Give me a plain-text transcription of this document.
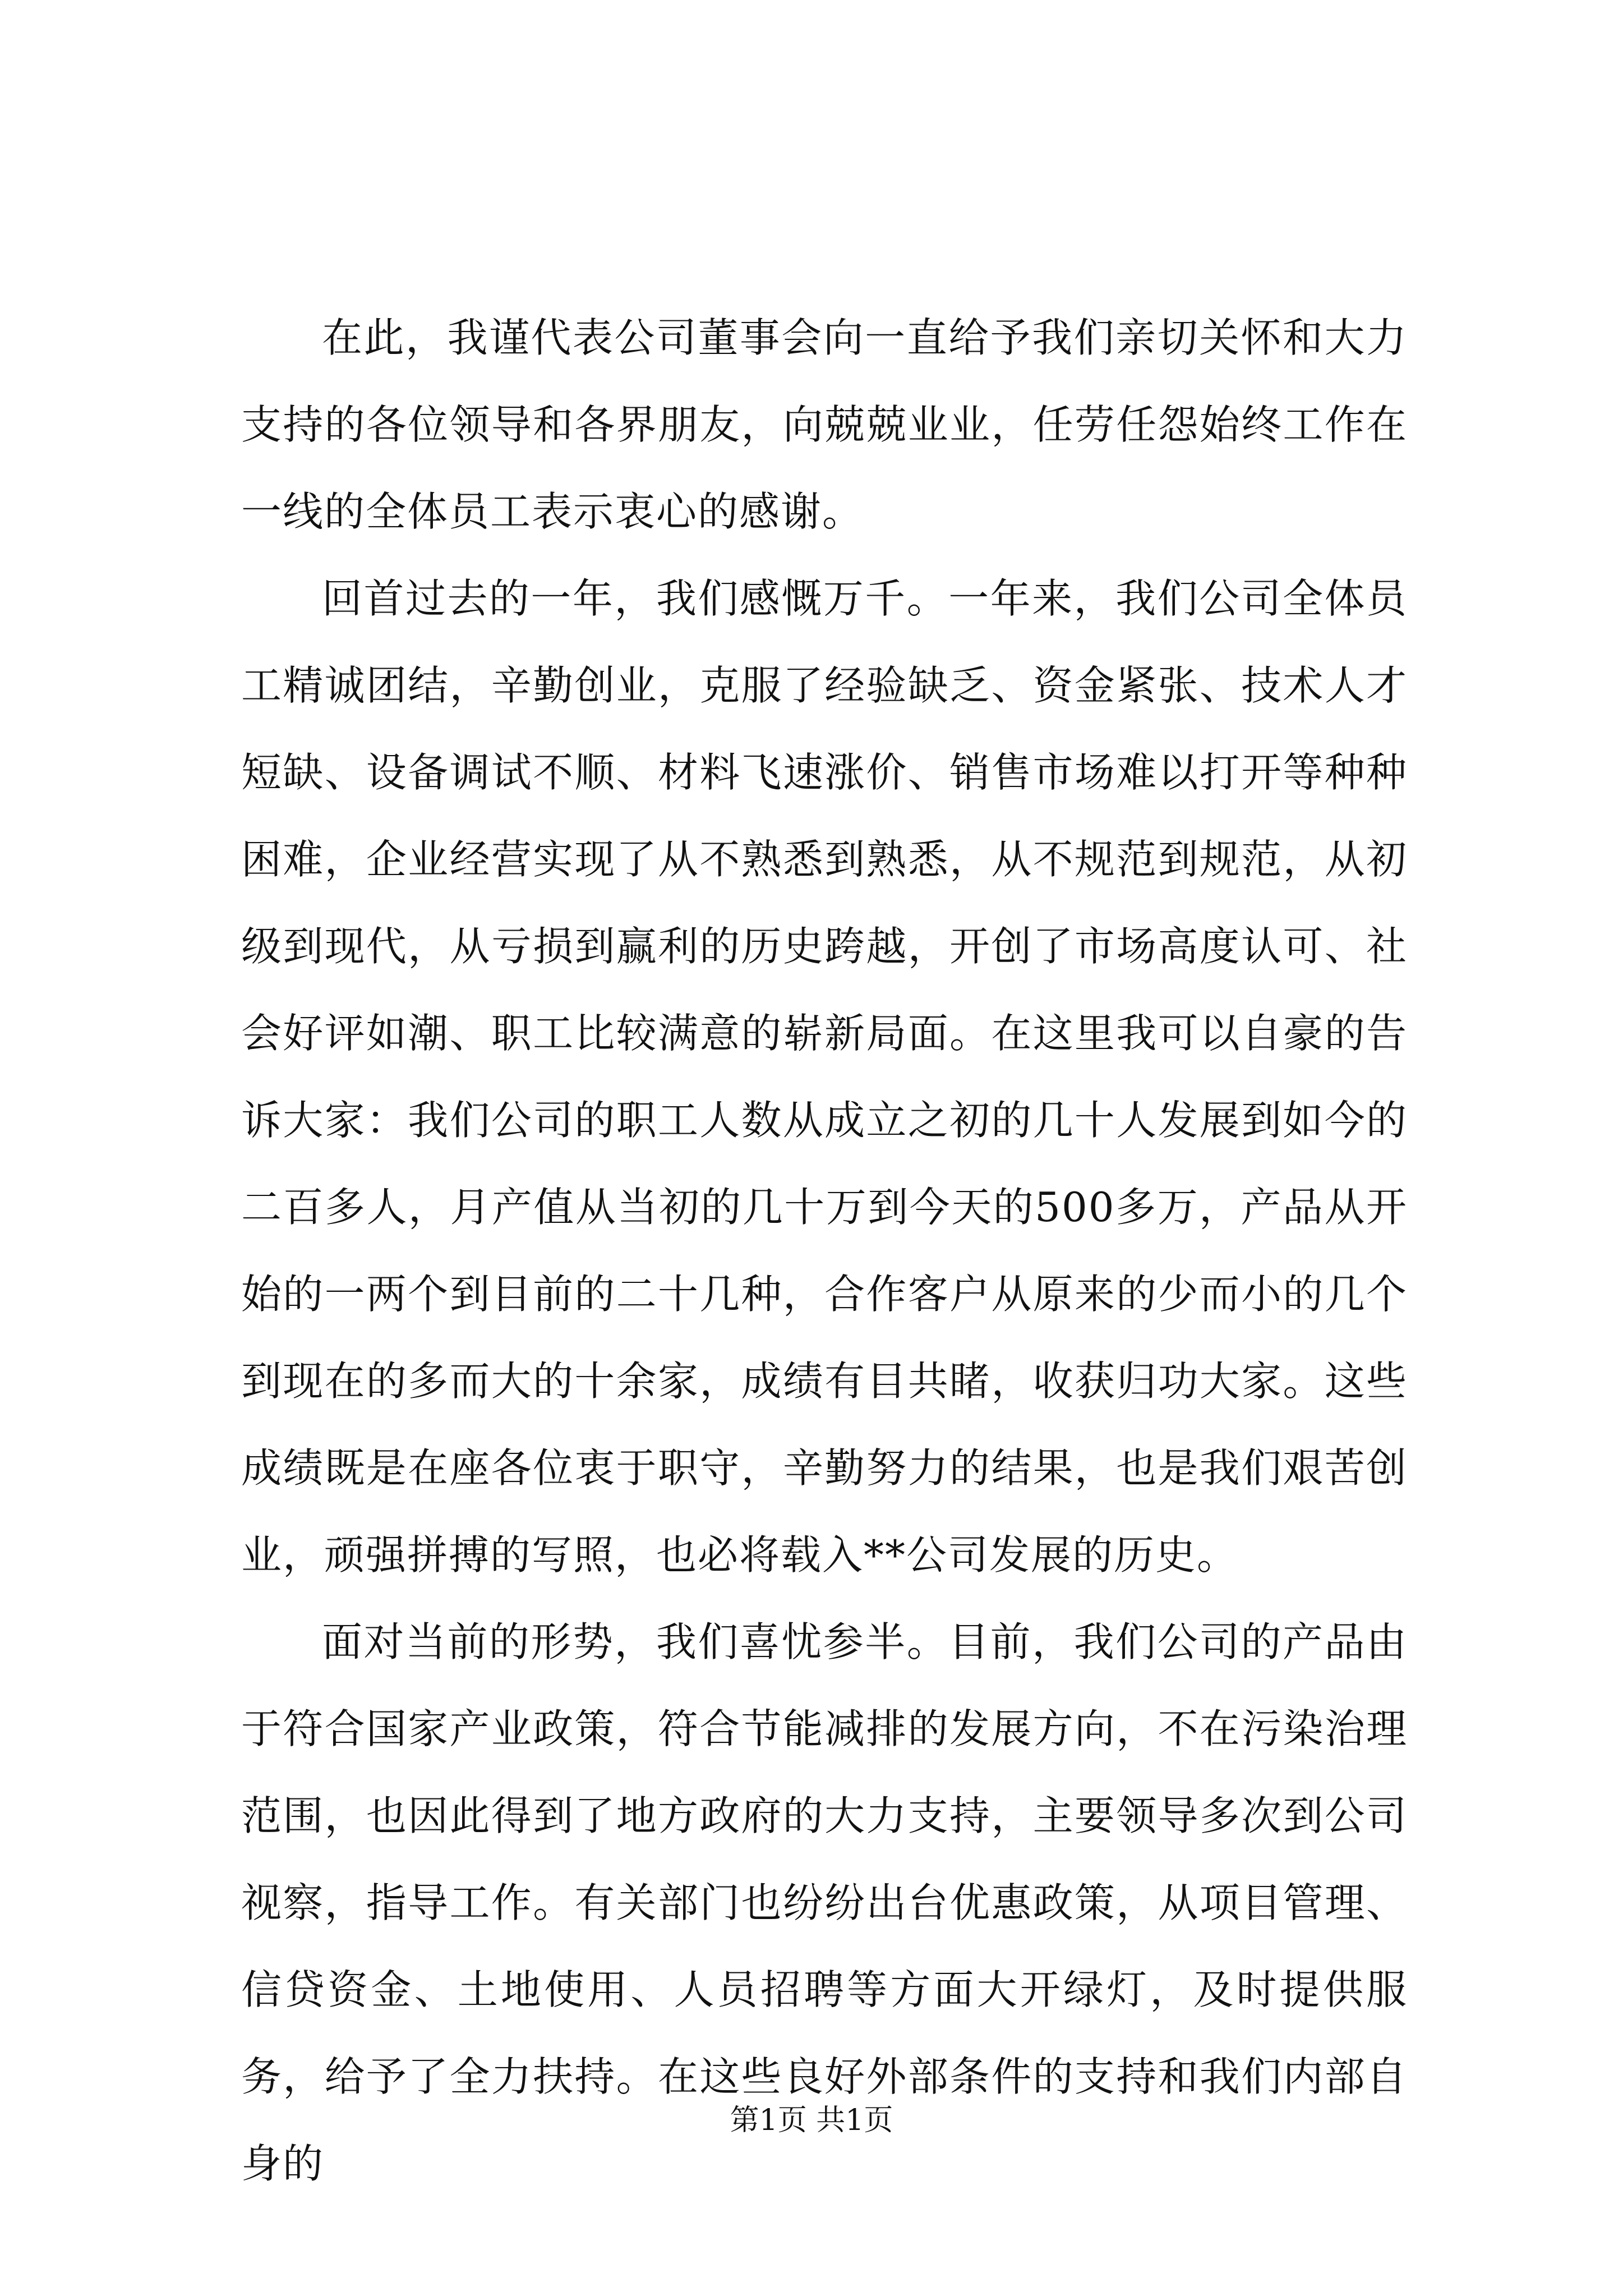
在此，我谨代表公司董事会向一直给予我们亲切关怀和大力支持的各位领导和各界朋友，向兢兢业业，任劳任怨始终工作在一线的全体员工表示衷心的感谢。

回首过去的一年，我们感慨万千。一年来，我们公司全体员工精诚团结，辛勤创业，克服了经验缺乏、资金紧张、技术人才短缺、设备调试不顺、材料飞速涨价、销售市场难以打开等种种困难，企业经营实现了从不熟悉到熟悉，从不规范到规范，从初级到现代，从亏损到赢利的历史跨越，开创了市场高度认可、社会好评如潮、职工比较满意的崭新局面。在这里我可以自豪的告诉大家：我们公司的职工人数从成立之初的几十人发展到如今的二百多人，月产值从当初的几十万到今天的500多万，产品从开始的一两个到目前的二十几种，合作客户从原来的少而小的几个到现在的多而大的十余家，成绩有目共睹，收获归功大家。这些成绩既是在座各位衷于职守，辛勤努力的结果，也是我们艰苦创业，顽强拼搏的写照，也必将载入**公司发展的历史。

面对当前的形势，我们喜忧参半。目前，我们公司的产品由于符合国家产业政策，符合节能减排的发展方向，不在污染治理范围，也因此得到了地方政府的大力支持，主要领导多次到公司视察，指导工作。有关部门也纷纷出台优惠政策，从项目管理、信贷资金、土地使用、人员招聘等方面大开绿灯，及时提供服务，给予了全力扶持。在这些良好外部条件的支持和我们内部自身的

第1页 共1页
